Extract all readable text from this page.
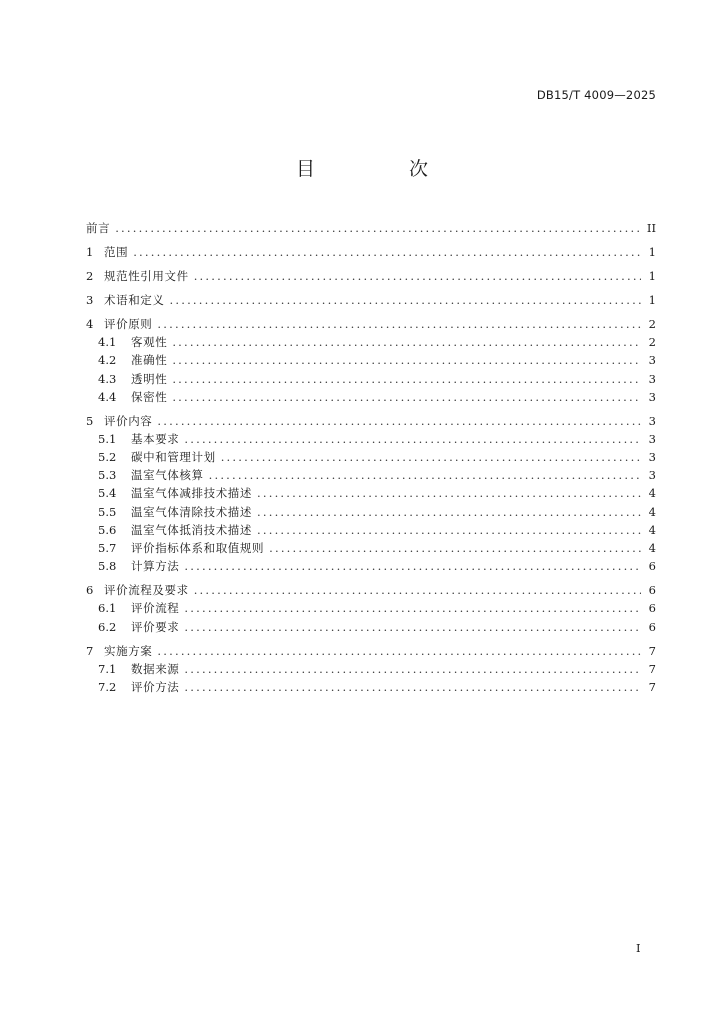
DB15/T 4009—2025
目 次
前言 .....	II
1 范围 .....	1
2 规范性引用文件 .....	1
3 术语和定义 .....	1
4 评价原则 .....	2
4.1	客观性 .....	2
4.2	准确性 .....	3
4.3	透明性 .....	3
4.4	保密性 .....	3
5 评价内容 .....	3
5.1	基本要求 .....	3
5.2	碳中和管理计划 .....	3
5.3	温室气体核算 .....	3
5.4	温室气体减排技术描述 .....	4
5.5	温室气体清除技术描述 .....	4
5.6	温室气体抵消技术描述 .....	4
5.7	评价指标体系和取值规则 .....	4
5.8	计算方法 .....	6
6 评价流程及要求 .....	6
6.1	评价流程 .....	6
6.2	评价要求 .....	6
7 实施方案 .....	7
7.1	数据来源 .....	7
7.2	评价方法 .....	7
I
